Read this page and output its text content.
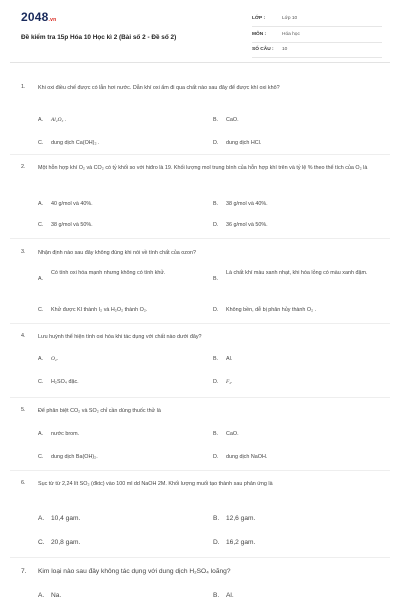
2048.vn
Đề kiểm tra 15p Hóa 10 Học kì 2 (Bài số 2 - Đề số 2)
LỚP :	Lớp 10
MÔN :	Hóa học
SỐ CÂU : 10
1. Khi oxi điều chế được có lẫn hơi nước. Dẫn khí oxi ẩm đi qua chất nào sau đây để được khí oxi khô?
A. Al₂O₃ .	B. CaO.
C. dung dịch Ca(OH)₂ .	D. dung dịch HCl.
2. Một hỗn hợp khí O₂ và CO₂ có tỷ khối so với hiđro là 19. Khối lượng mol trung bình của hỗn hợp khí trên và tỷ lệ % theo thể tích của O₂ là
A. 40 g/mol và 40%.	B. 38 g/mol và 40%.
C. 38 g/mol và 50%.	D. 36 g/mol và 50%.
3. Nhận định nào sau đây không đúng khi nói về tính chất của ozon?
A.
Có tính oxi hóa mạnh nhưng không có tính khử.
B.
Là chất khí màu xanh nhạt, khi hóa lỏng có màu xanh đậm.
C. Khử được KI thành I₂ và H₂O₂ thành O₂.	D. Không bền, dễ bị phân hủy thành O₂ .
4. Lưu huỳnh thể hiện tính oxi hóa khi tác dụng với chất nào dưới đây?
A. O₂.	B. Al.
C. H₂SO₄ đặc.	D. F₂.
5. Để phân biệt CO₂ và SO₂ chỉ cần dùng thuốc thử là
A. nước brom.	B. CaO.
C. dung dịch Ba(OH)₂.	D. dung dịch NaOH.
6. Sục từ từ 2,24 lít SO₂ (đktc) vào 100 ml dd NaOH 2M. Khối lượng muối tạo thành sau phản ứng là
A. 10,4 gam.	B. 12,6 gam.
C. 20,8 gam.	D. 16,2 gam.
7. Kim loại nào sau đây không tác dụng với dung dịch H₂SO₄ loãng?
A. Na.	B. Al.
